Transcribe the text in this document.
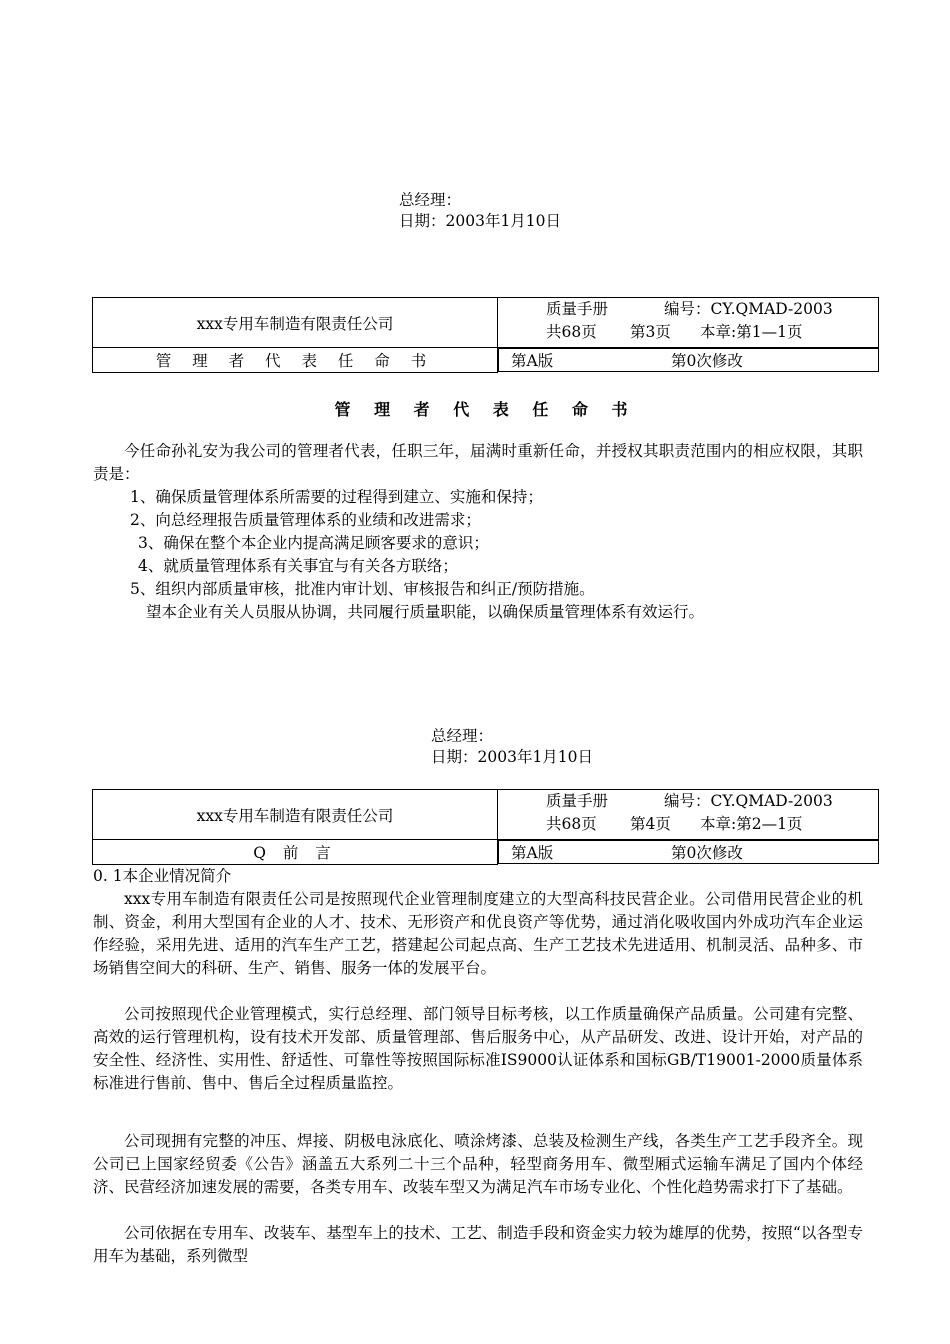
总经理：
日期：2003年1月10日
xxx专用车制造有限责任公司	质量手册 编号：CY.QMAD-2003
共68页 第3页 本章:第1—1页

管 理 者 代 表 任 命 书		第A版	第0次修改
管 理 者 代 表 任 命 书
今任命孙礼安为我公司的管理者代表，任职三年，届满时重新任命，并授权其职责范围内的相应权限，其职责是：
1、确保质量管理体系所需要的过程得到建立、实施和保持；
2、向总经理报告质量管理体系的业绩和改进需求；
3、确保在整个本企业内提高满足顾客要求的意识；
4、就质量管理体系有关事宜与有关各方联络；
5、组织内部质量审核，批准内审计划、审核报告和纠正/预防措施。
望本企业有关人员服从协调，共同履行质量职能，以确保质量管理体系有效运行。
总经理：
日期：2003年1月10日
xxx专用车制造有限责任公司	质量手册 编号：CY.QMAD-2003
共68页 第4页 本章:第2—1页

Q 前 言		第A版	第0次修改
0. 1本企业情况简介
xxx专用车制造有限责任公司是按照现代企业管理制度建立的大型高科技民营企业。公司借用民营企业的机制、资金，利用大型国有企业的人才、技术、无形资产和优良资产等优势，通过消化吸收国内外成功汽车企业运作经验，采用先进、适用的汽车生产工艺，搭建起公司起点高、生产工艺技术先进适用、机制灵活、品种多、市场销售空间大的科研、生产、销售、服务一体的发展平台。
公司按照现代企业管理模式，实行总经理、部门领导目标考核，以工作质量确保产品质量。公司建有完整、高效的运行管理机构，设有技术开发部、质量管理部、售后服务中心，从产品研发、改进、设计开始，对产品的安全性、经济性、实用性、舒适性、可靠性等按照国际标准IS9000认证体系和国标GB/T19001-2000质量体系标准进行售前、售中、售后全过程质量监控。
公司现拥有完整的冲压、焊接、阴极电泳底化、喷涂烤漆、总装及检测生产线，各类生产工艺手段齐全。现公司已上国家经贸委《公告》涵盖五大系列二十三个品种，轻型商务用车、微型厢式运输车满足了国内个体经济、民营经济加速发展的需要，各类专用车、改装车型又为满足汽车市场专业化、个性化趋势需求打下了基础。
公司依据在专用车、改装车、基型车上的技术、工艺、制造手段和资金实力较为雄厚的优势，按照“以各型专用车为基础，系列微型
